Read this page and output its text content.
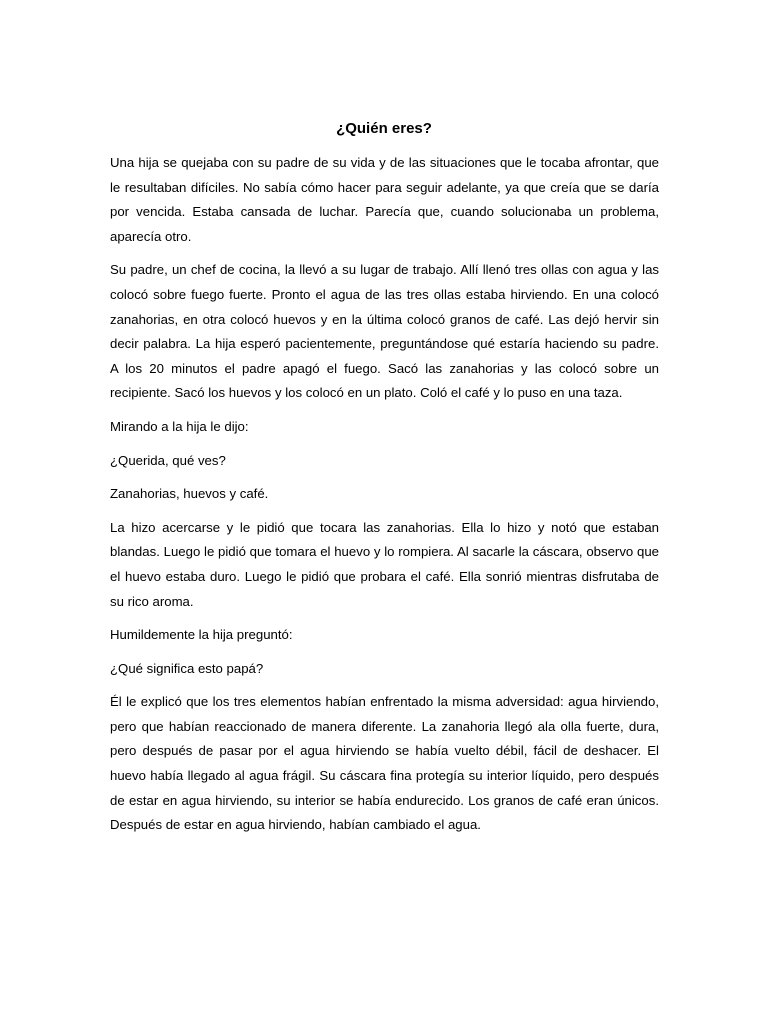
¿Quién eres?

Una hija se quejaba con su padre de su vida y de las situaciones que le tocaba afrontar, que le resultaban difíciles. No sabía cómo hacer para seguir adelante, ya que creía que se daría por vencida. Estaba cansada de luchar. Parecía que, cuando solucionaba un problema, aparecía otro.

Su padre, un chef de cocina, la llevó a su lugar de trabajo. Allí llenó tres ollas con agua y las colocó sobre fuego fuerte. Pronto el agua de las tres ollas estaba hirviendo. En una colocó zanahorias, en otra colocó huevos y en la última colocó granos de café. Las dejó hervir sin decir palabra. La hija esperó pacientemente, preguntándose qué estaría haciendo su padre. A los 20 minutos el padre apagó el fuego. Sacó las zanahorias y las colocó sobre un recipiente. Sacó los huevos y los colocó en un plato. Coló el café y lo puso en una taza.

Mirando a la hija le dijo:

¿Querida, qué ves?

Zanahorias, huevos y café.

La hizo acercarse y le pidió que tocara las zanahorias. Ella lo hizo y notó que estaban blandas. Luego le pidió que tomara el huevo y lo rompiera. Al sacarle la cáscara, observo que el huevo estaba duro. Luego le pidió que probara el café. Ella sonrió mientras disfrutaba de su rico aroma.

Humildemente la hija preguntó:

¿Qué significa esto papá?

Él le explicó que los tres elementos habían enfrentado la misma adversidad: agua hirviendo, pero que habían reaccionado de manera diferente. La zanahoria llegó ala olla fuerte, dura, pero después de pasar por el agua hirviendo se había vuelto débil, fácil de deshacer. El huevo había llegado al agua frágil. Su cáscara fina protegía su interior líquido, pero después de estar en agua hirviendo, su interior se había endurecido. Los granos de café eran únicos. Después de estar en agua hirviendo, habían cambiado el agua.
